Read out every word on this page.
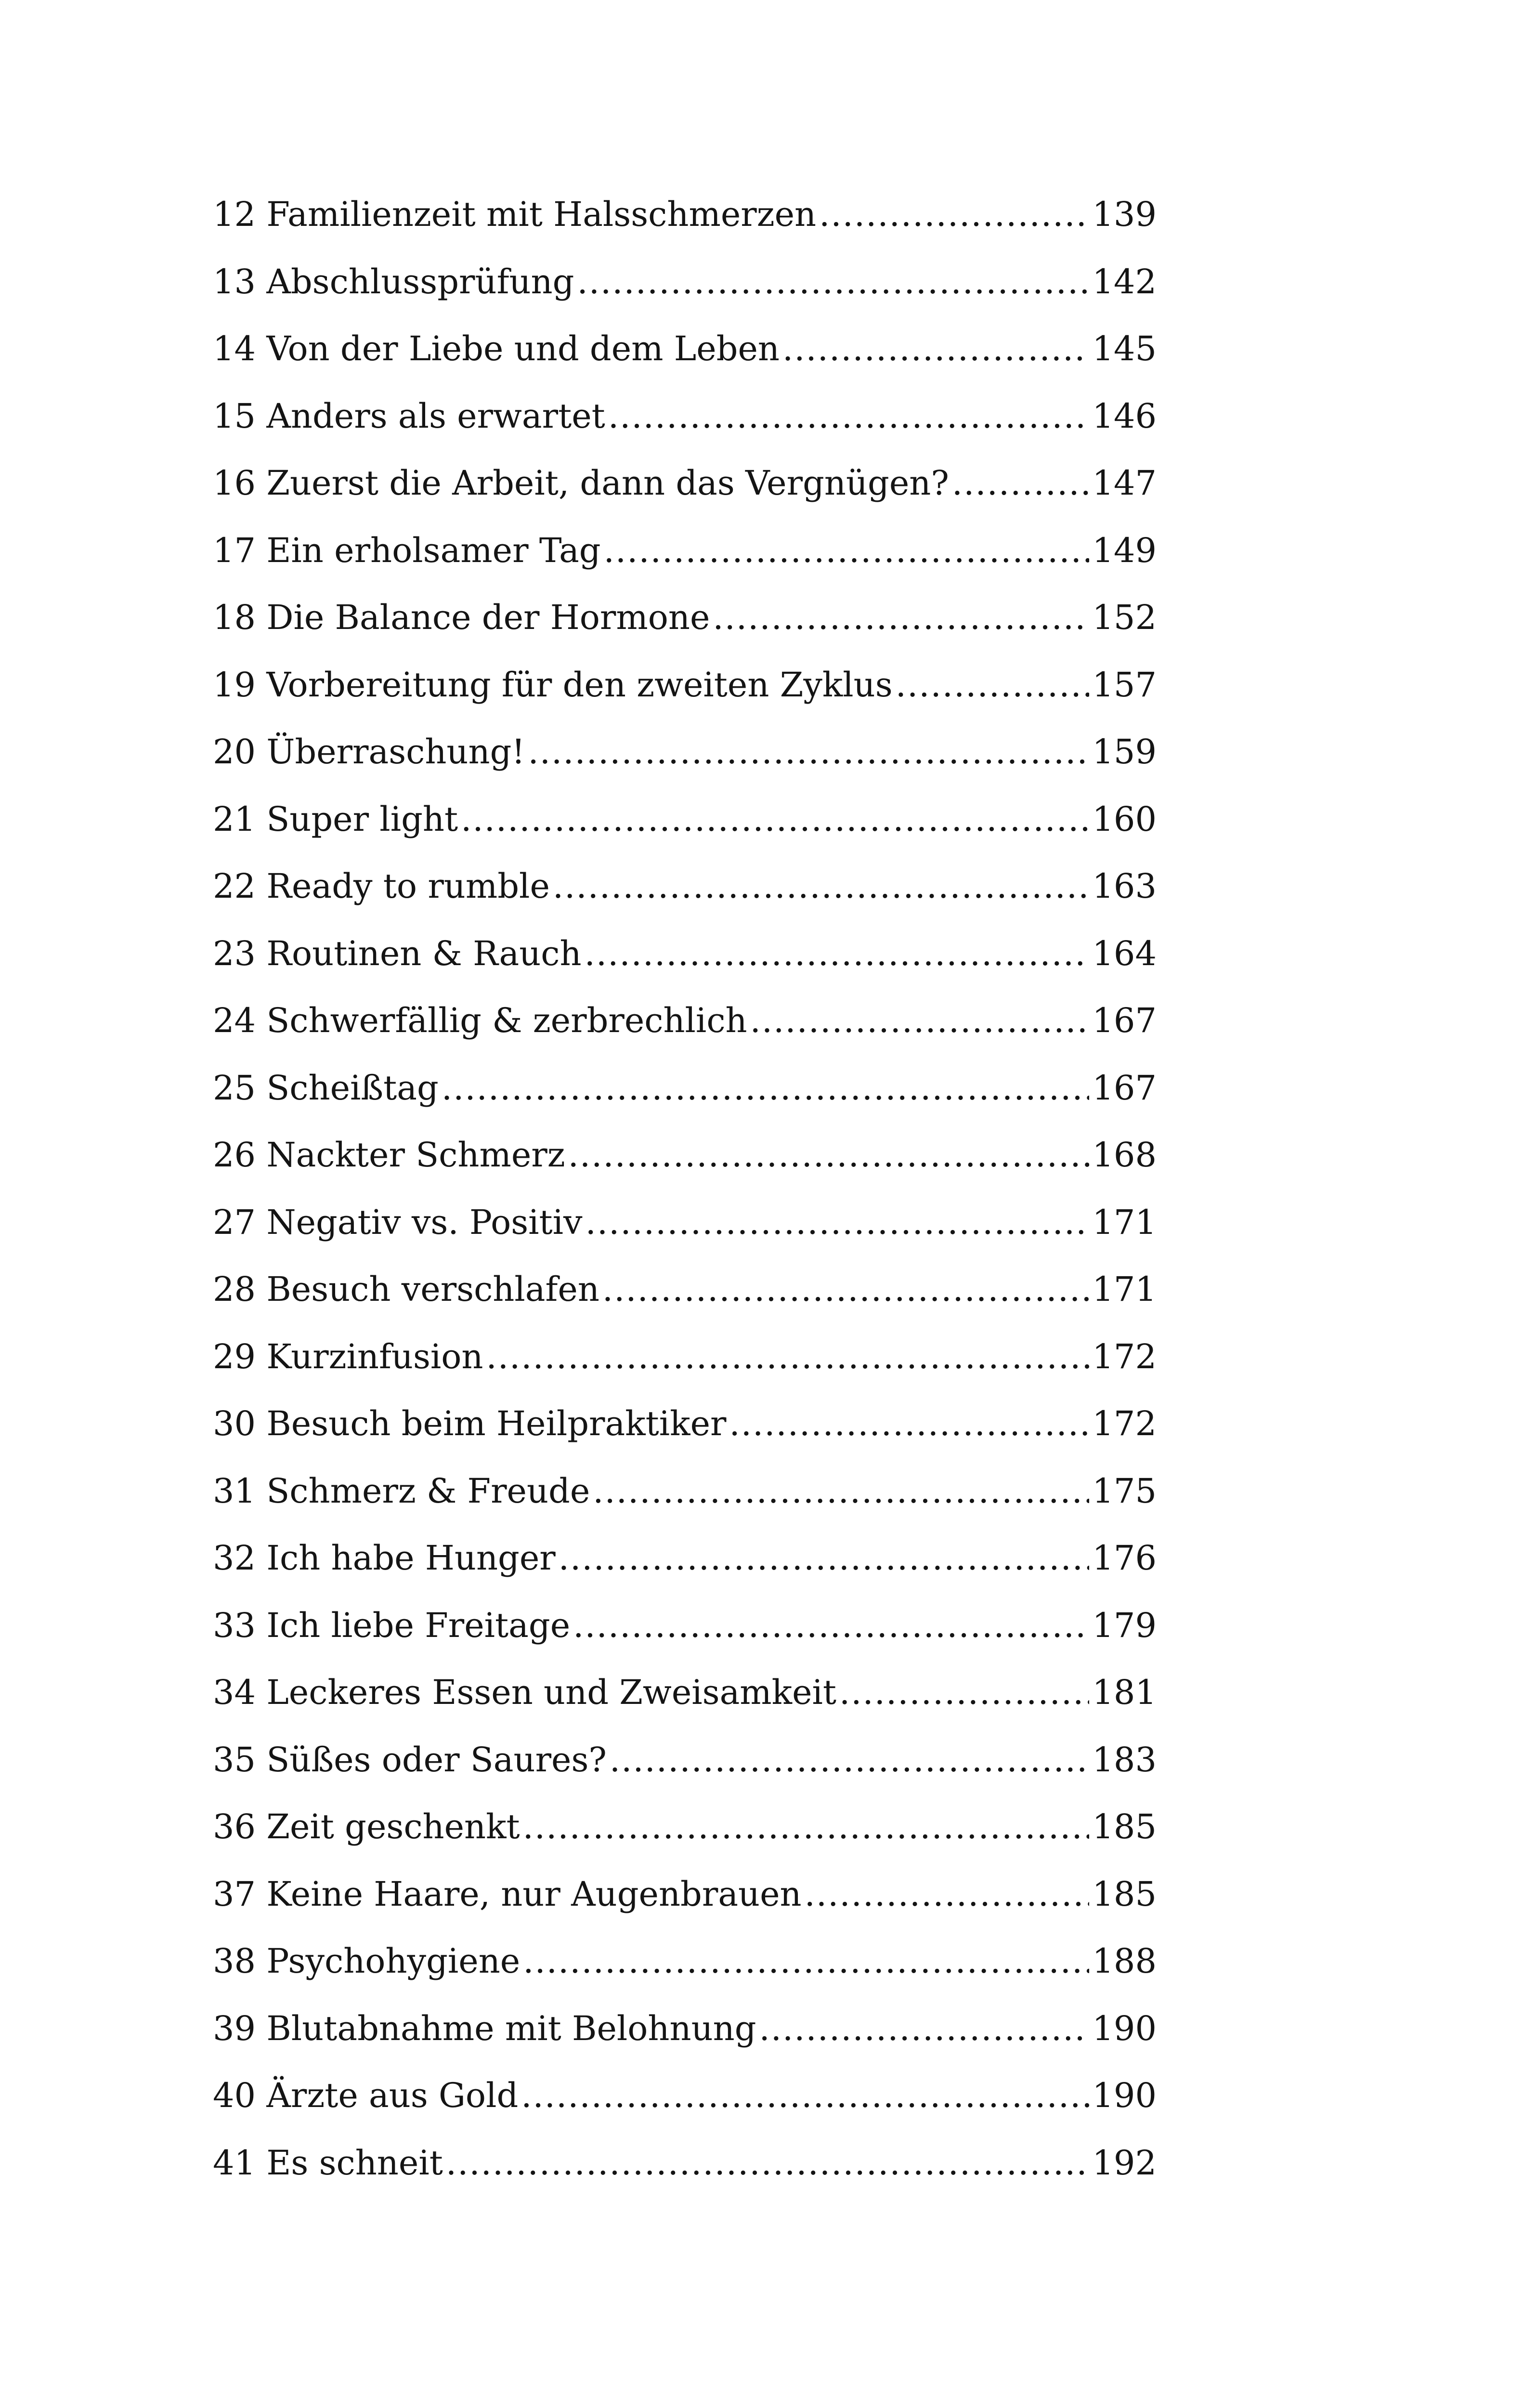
12 Familienzeit mit Halsschmerzen .....	139
13 Abschlussprüfung .....	142
14 Von der Liebe und dem Leben .....	145
15 Anders als erwartet .....	146
16 Zuerst die Arbeit, dann das Vergnügen? .....	147
17 Ein erholsamer Tag .....	149
18 Die Balance der Hormone .....	152
19 Vorbereitung für den zweiten Zyklus .....	157
20 Überraschung! .....	159
21 Super light .....	160
22 Ready to rumble .....	163
23 Routinen & Rauch .....	164
24 Schwerfällig & zerbrechlich .....	167
25 Scheißtag .....	167
26 Nackter Schmerz .....	168
27 Negativ vs. Positiv .....	171
28 Besuch verschlafen .....	171
29 Kurzinfusion .....	172
30 Besuch beim Heilpraktiker .....	172
31 Schmerz & Freude .....	175
32 Ich habe Hunger .....	176
33 Ich liebe Freitage .....	179
34 Leckeres Essen und Zweisamkeit .....	181
35 Süßes oder Saures? .....	183
36 Zeit geschenkt .....	185
37 Keine Haare, nur Augenbrauen .....	185
38 Psychohygiene .....	188
39 Blutabnahme mit Belohnung .....	190
40 Ärzte aus Gold .....	190
41 Es schneit .....	192
